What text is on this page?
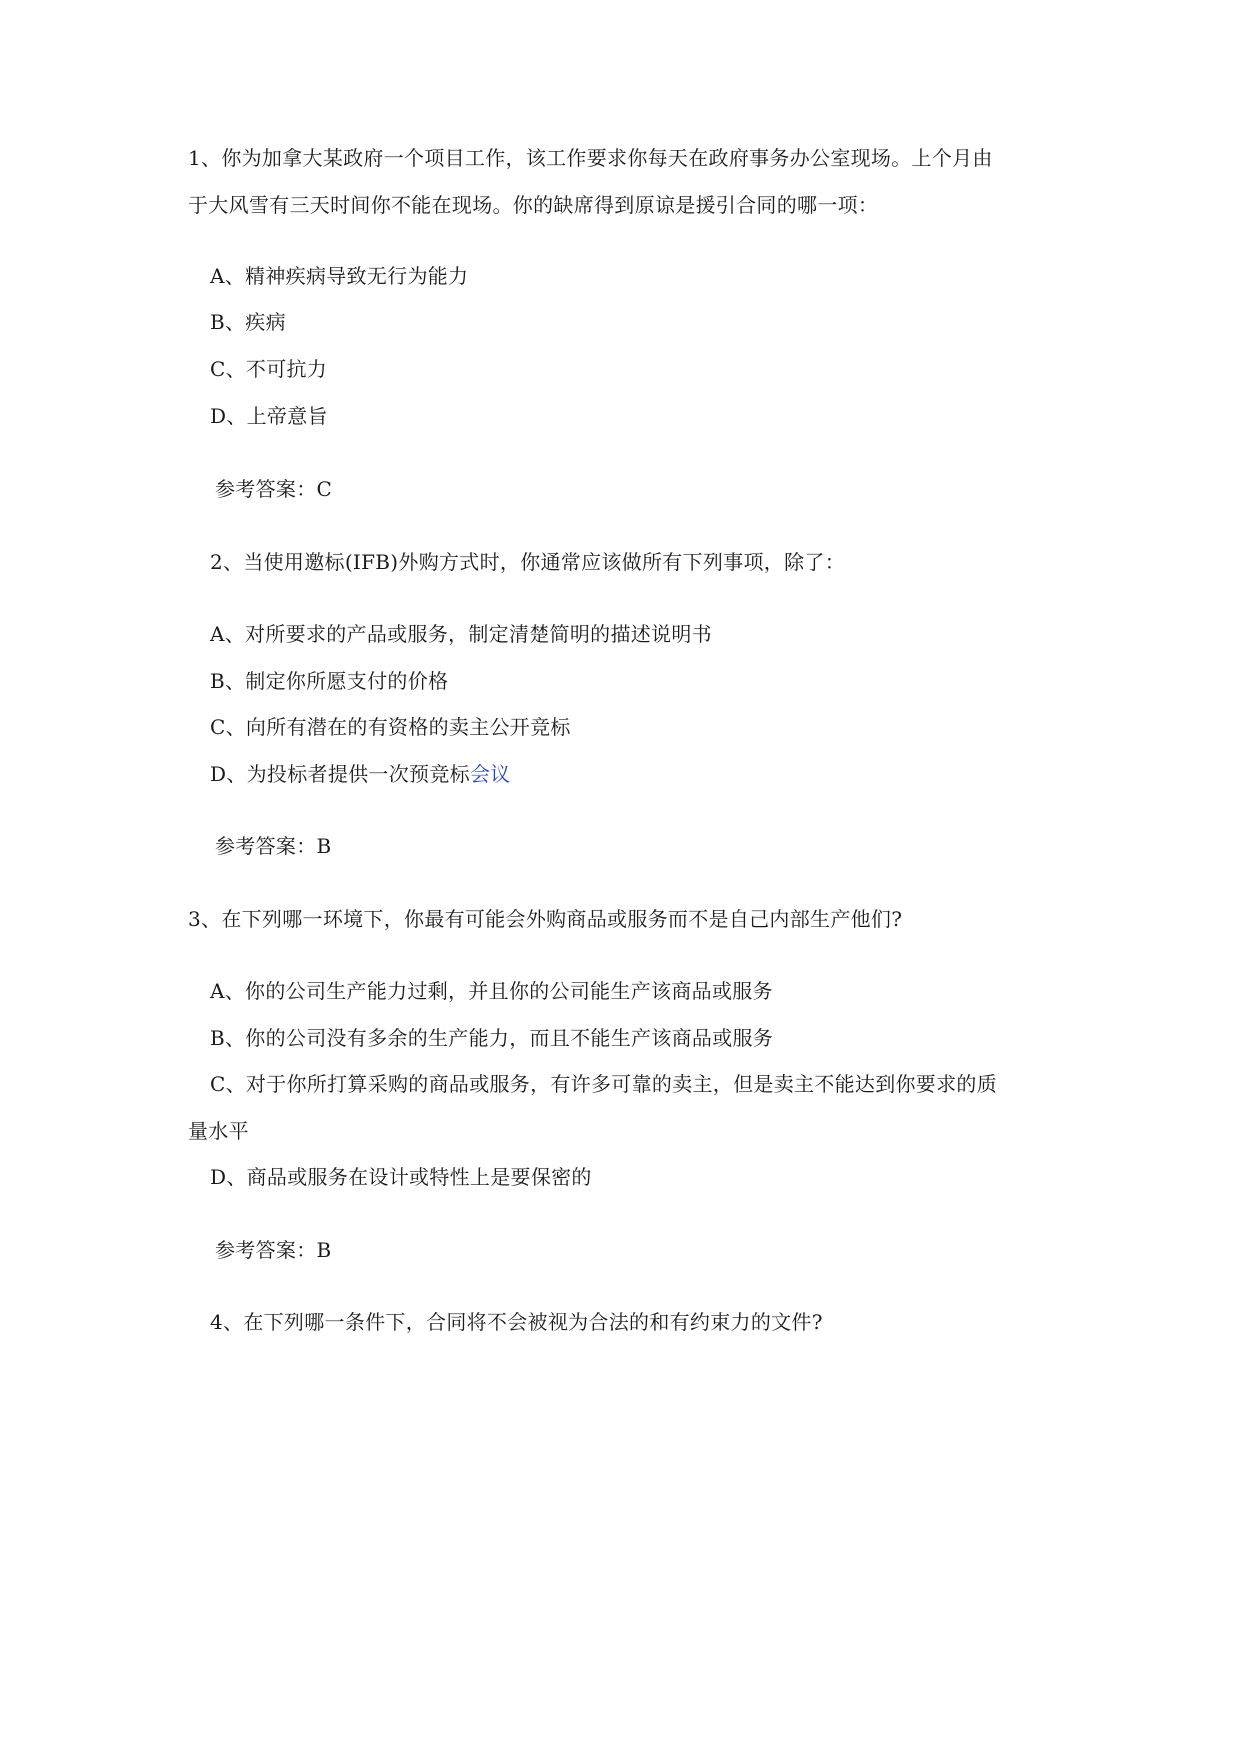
1、你为加拿大某政府一个项目工作，该工作要求你每天在政府事务办公室现场。上个月由
于大风雪有三天时间你不能在现场。你的缺席得到原谅是援引合同的哪一项：
A、精神疾病导致无行为能力
B、疾病
C、不可抗力
D、上帝意旨
参考答案：C
2、当使用邀标(IFB)外购方式时，你通常应该做所有下列事项，除了：
A、对所要求的产品或服务，制定清楚简明的描述说明书
B、制定你所愿支付的价格
C、向所有潜在的有资格的卖主公开竞标
D、为投标者提供一次预竞标会议
参考答案：B
3、在下列哪一环境下，你最有可能会外购商品或服务而不是自己内部生产他们?
A、你的公司生产能力过剩，并且你的公司能生产该商品或服务
B、你的公司没有多余的生产能力，而且不能生产该商品或服务
C、对于你所打算采购的商品或服务，有许多可靠的卖主，但是卖主不能达到你要求的质
量水平
D、商品或服务在设计或特性上是要保密的
参考答案：B
4、在下列哪一条件下，合同将不会被视为合法的和有约束力的文件?
